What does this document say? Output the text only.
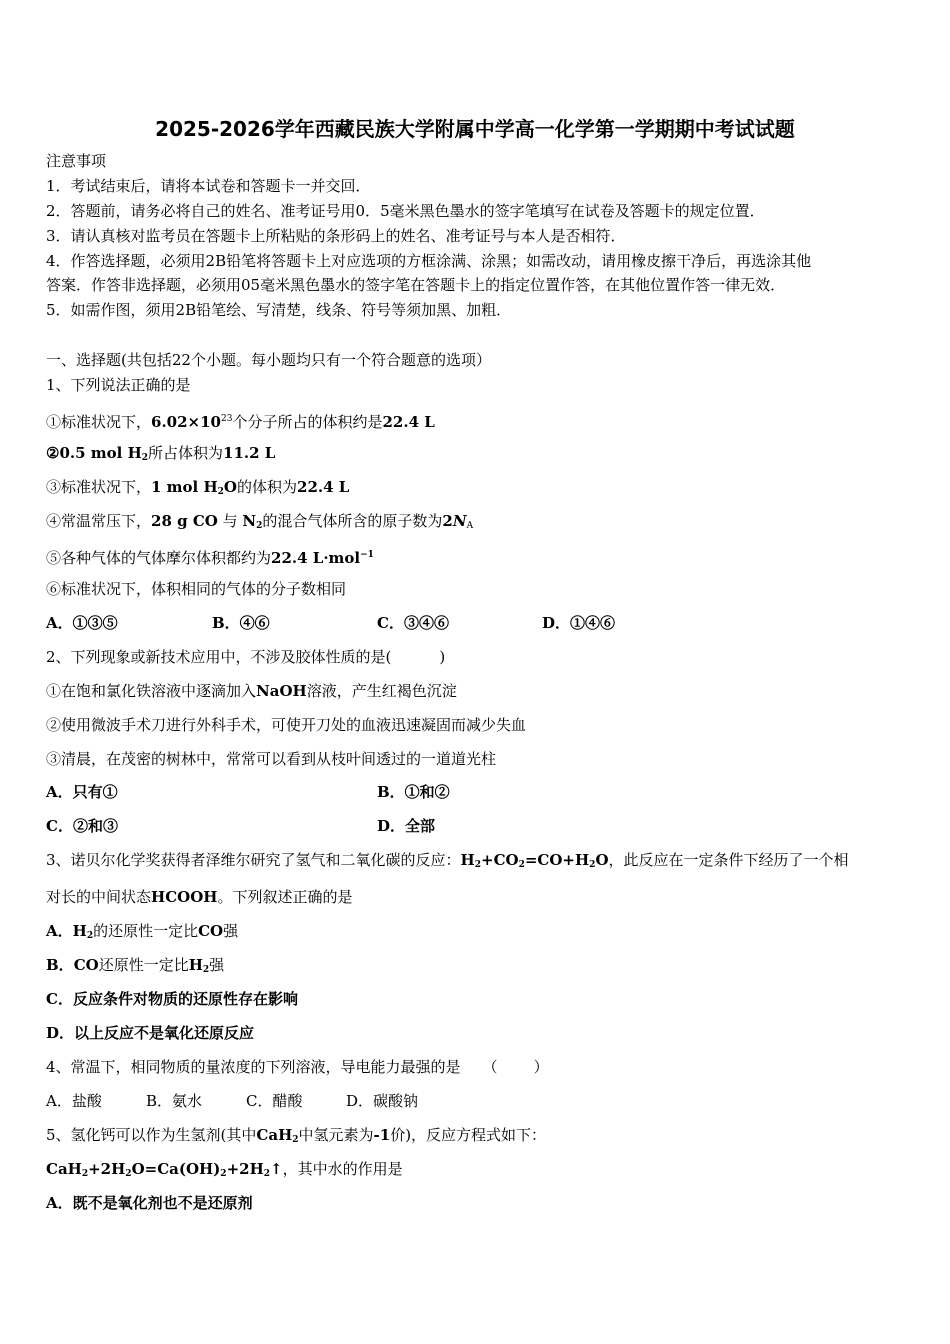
2025-2026学年西藏民族大学附属中学高一化学第一学期期中考试试题
注意事项
1．考试结束后，请将本试卷和答题卡一并交回．
2．答题前，请务必将自己的姓名、准考证号用0．5毫米黑色墨水的签字笔填写在试卷及答题卡的规定位置．
3．请认真核对监考员在答题卡上所粘贴的条形码上的姓名、准考证号与本人是否相符．
4．作答选择题，必须用2B铅笔将答题卡上对应选项的方框涂满、涂黑；如需改动，请用橡皮擦干净后，再选涂其他
答案．作答非选择题，必须用05毫米黑色墨水的签字笔在答题卡上的指定位置作答，在其他位置作答一律无效．
5．如需作图，须用2B铅笔绘、写清楚，线条、符号等须加黑、加粗．
一、选择题(共包括22个小题。每小题均只有一个符合题意的选项）
1、下列说法正确的是
①标准状况下，$6.02\times 10^{23}$个分子所占的体积约是22.4 L
②0.5 mol $H_2$所占体积为11.2 L
③标准状况下，1 mol $H_2O$的体积为22.4 L
④常温常压下，28 g CO 与 $N_2$的混合气体所含的原子数为$2N_A$
⑤各种气体的气体摩尔体积都约为22.4 L·mol$^{-1}$
⑥标准状况下，体积相同的气体的分子数相同
A．①③⑤	B．④⑥	C．③④⑥	D．①④⑥
2、下列现象或新技术应用中，不涉及胶体性质的是(	)
①在饱和氯化铁溶液中逐滴加入NaOH溶液，产生红褐色沉淀
②使用微波手术刀进行外科手术，可使开刀处的血液迅速凝固而减少失血
③清晨，在茂密的树林中，常常可以看到从枝叶间透过的一道道光柱
A．只有①	B．①和②
C．②和③	D．全部
3、诺贝尔化学奖获得者泽维尔研究了氢气和二氧化碳的反应：$H_2+CO_2=CO+H_2O$，此反应在一定条件下经历了一个相
对长的中间状态HCOOH。下列叙述正确的是
A．$H_2$的还原性一定比CO强
B．CO还原性一定比$H_2$强
C．反应条件对物质的还原性存在影响
D．以上反应不是氧化还原反应
4、常温下，相同物质的量浓度的下列溶液，导电能力最强的是 （ ）
A．盐酸	B．氨水	C．醋酸	D．碳酸钠
5、氢化钙可以作为生氢剂(其中CaH$_2$中氢元素为-1价)，反应方程式如下：
$CaH_2+2H_2O=Ca(OH)_2+2H_2↑$，其中水的作用是
A．既不是氧化剂也不是还原剂
